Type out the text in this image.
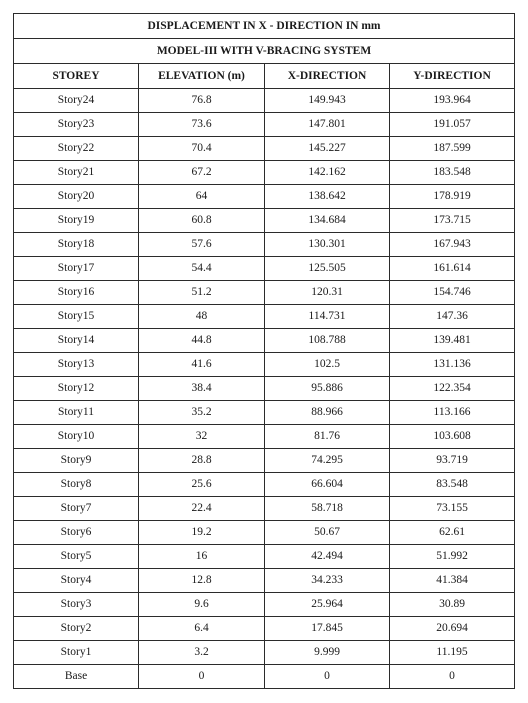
DISPLACEMENT IN X - DIRECTION IN mm			
MODEL-III WITH V-BRACING SYSTEM			
STOREY	ELEVATION (m)	X-DIRECTION	Y-DIRECTION
Story24	76.8	149.943	193.964
Story23	73.6	147.801	191.057
Story22	70.4	145.227	187.599
Story21	67.2	142.162	183.548
Story20	64	138.642	178.919
Story19	60.8	134.684	173.715
Story18	57.6	130.301	167.943
Story17	54.4	125.505	161.614
Story16	51.2	120.31	154.746
Story15	48	114.731	147.36
Story14	44.8	108.788	139.481
Story13	41.6	102.5	131.136
Story12	38.4	95.886	122.354
Story11	35.2	88.966	113.166
Story10	32	81.76	103.608
Story9	28.8	74.295	93.719
Story8	25.6	66.604	83.548
Story7	22.4	58.718	73.155
Story6	19.2	50.67	62.61
Story5	16	42.494	51.992
Story4	12.8	34.233	41.384
Story3	9.6	25.964	30.89
Story2	6.4	17.845	20.694
Story1	3.2	9.999	11.195
Base	0	0	0
